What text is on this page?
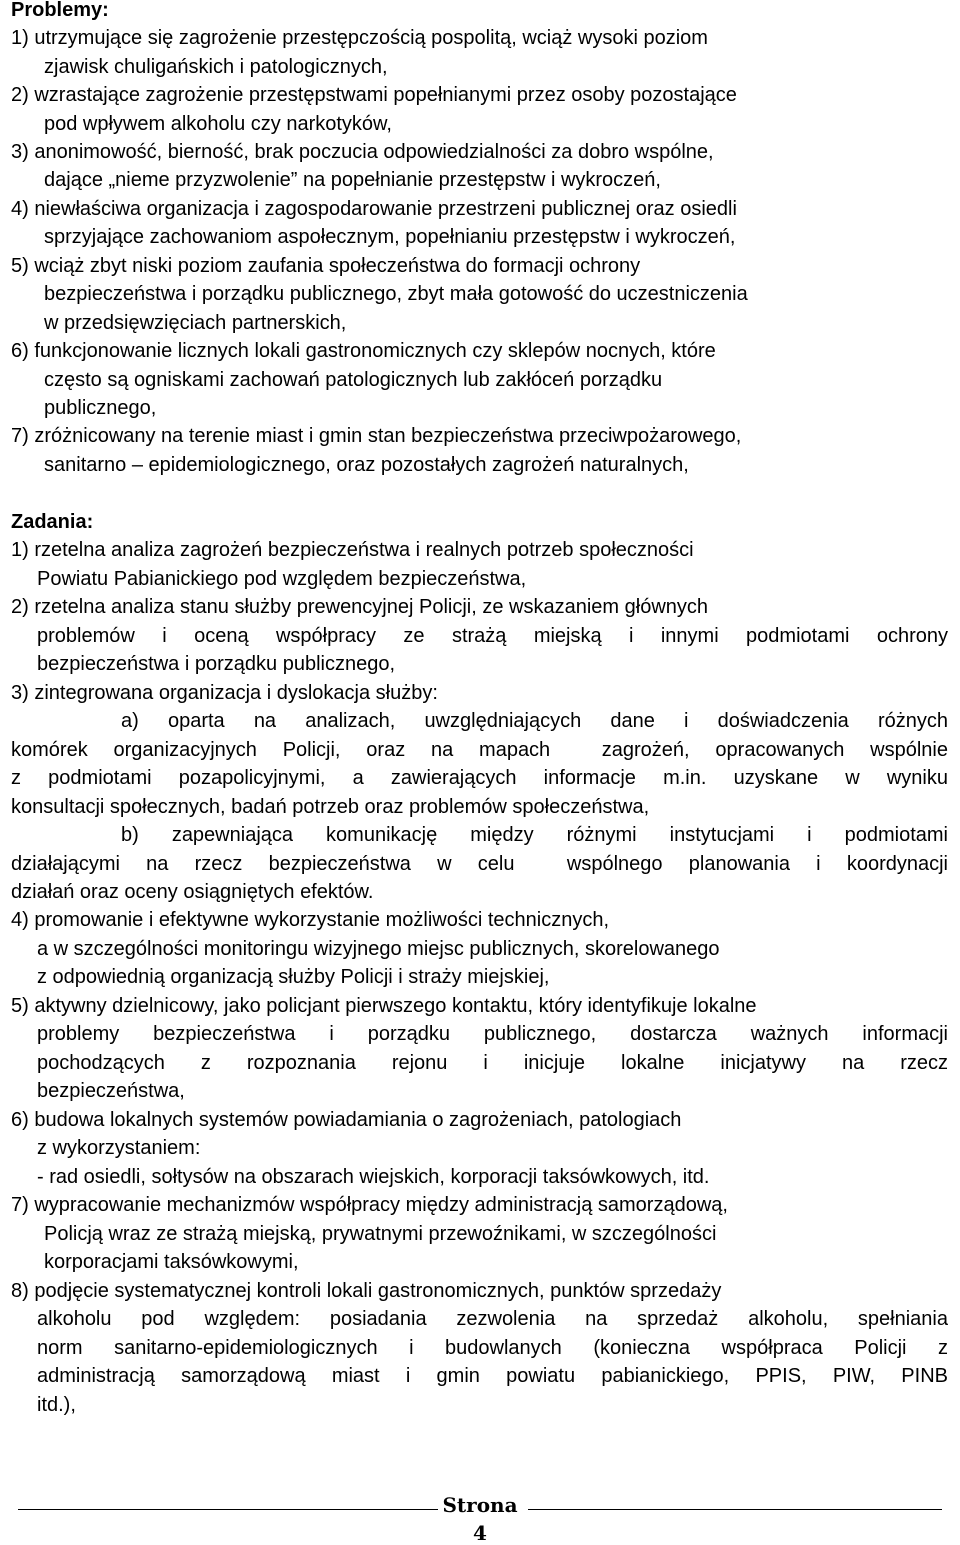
Problemy:
1) utrzymujące się zagrożenie przestępczością pospolitą, wciąż wysoki poziom
zjawisk chuligańskich i patologicznych,
2) wzrastające zagrożenie przestępstwami popełnianymi przez osoby pozostające
pod wpływem alkoholu czy narkotyków,
3) anonimowość, bierność, brak poczucia odpowiedzialności za dobro wspólne,
dające „nieme przyzwolenie” na popełnianie przestępstw i wykroczeń,
4) niewłaściwa organizacja i zagospodarowanie przestrzeni publicznej oraz osiedli
sprzyjające zachowaniom aspołecznym, popełnianiu przestępstw i wykroczeń,
5) wciąż zbyt niski poziom zaufania społeczeństwa do formacji ochrony
bezpieczeństwa i porządku publicznego, zbyt mała gotowość do uczestniczenia
w przedsięwzięciach partnerskich,
6) funkcjonowanie licznych lokali gastronomicznych czy sklepów nocnych, które
często są ogniskami zachowań patologicznych lub zakłóceń porządku
publicznego,
7) zróżnicowany na terenie miast i gmin stan bezpieczeństwa przeciwpożarowego,
sanitarno – epidemiologicznego, oraz pozostałych zagrożeń naturalnych,
Zadania:
1) rzetelna analiza zagrożeń bezpieczeństwa i realnych potrzeb społeczności
Powiatu Pabianickiego pod względem bezpieczeństwa,
2) rzetelna analiza stanu służby prewencyjnej Policji, ze wskazaniem głównych
problemów i oceną współpracy ze strażą miejską i innymi podmiotami ochrony
bezpieczeństwa i porządku publicznego,
3) zintegrowana organizacja i dyslokacja służby:
a) oparta na analizach, uwzględniających dane i doświadczenia różnych
komórek organizacyjnych Policji, oraz na mapach  zagrożeń, opracowanych wspólnie
z podmiotami pozapolicyjnymi, a zawierających informacje m.in. uzyskane w wyniku
konsultacji społecznych, badań potrzeb oraz problemów społeczeństwa,
b) zapewniająca komunikację między różnymi instytucjami i podmiotami
działającymi na rzecz bezpieczeństwa w celu  wspólnego planowania i koordynacji
działań oraz oceny osiągniętych efektów.
4) promowanie i efektywne wykorzystanie możliwości technicznych,
a w szczególności monitoringu wizyjnego miejsc publicznych, skorelowanego
z odpowiednią organizacją służby Policji i straży miejskiej,
5) aktywny dzielnicowy, jako policjant pierwszego kontaktu, który identyfikuje lokalne
problemy bezpieczeństwa i porządku publicznego, dostarcza ważnych informacji
pochodzących z rozpoznania rejonu i inicjuje lokalne inicjatywy na rzecz
bezpieczeństwa,
6) budowa lokalnych systemów powiadamiania o zagrożeniach, patologiach
z wykorzystaniem:
- rad osiedli, sołtysów na obszarach wiejskich, korporacji taksówkowych, itd.
7) wypracowanie mechanizmów współpracy między administracją samorządową,
Policją wraz ze strażą miejską, prywatnymi przewoźnikami, w szczególności
korporacjami taksówkowymi,
8) podjęcie systematycznej kontroli lokali gastronomicznych, punktów sprzedaży
alkoholu pod względem: posiadania zezwolenia na sprzedaż alkoholu, spełniania
norm sanitarno-epidemiologicznych i budowlanych (konieczna współpraca Policji z
administracją samorządową miast i gmin powiatu pabianickiego, PPIS, PIW, PINB
itd.),
Strona
4
